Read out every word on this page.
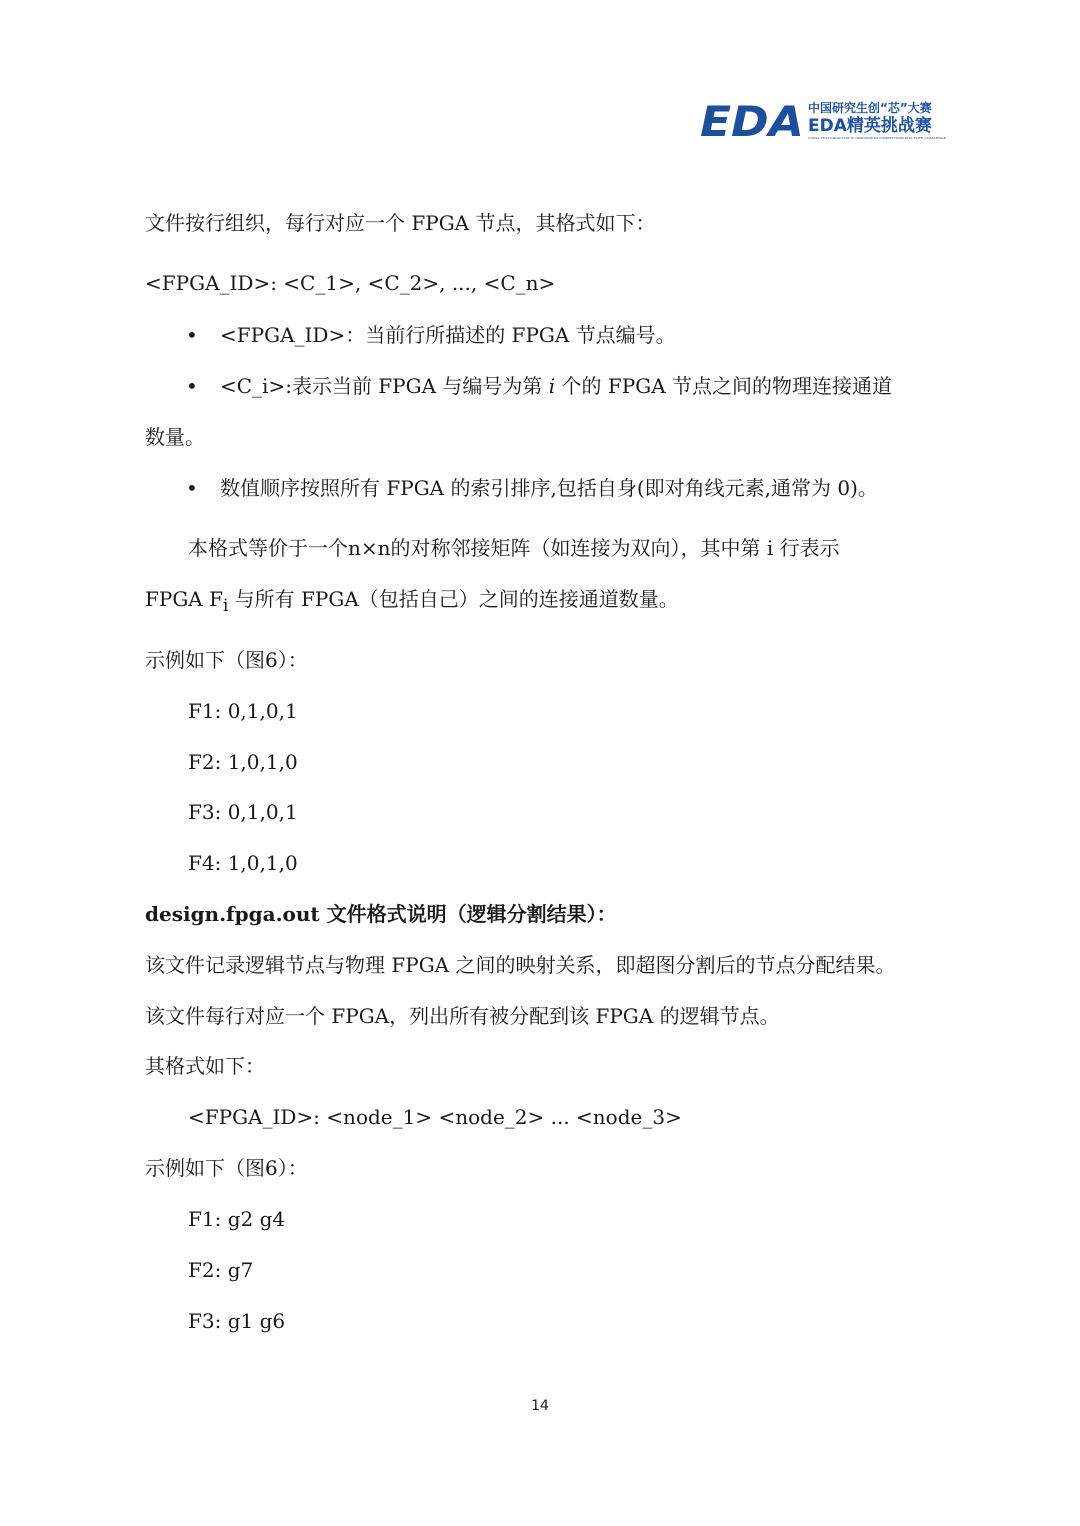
EDA 中国研究生创“芯”大赛
EDA精英挑战赛
CHINA POSTGRADUATE IC INNOVATION COMPETITION EDA ELITE CHALLENGE
文件按行组织，每行对应一个 FPGA 节点，其格式如下：
<FPGA_ID>: <C_1>, <C_2>, ..., <C_n>
• <FPGA_ID>：当前行所描述的 FPGA 节点编号。
• <C_i>:表示当前 FPGA 与编号为第 i 个的 FPGA 节点之间的物理连接通道
数量。
• 数值顺序按照所有 FPGA 的索引排序,包括自身(即对角线元素,通常为 0)。
本格式等价于一个n×n的对称邻接矩阵（如连接为双向），其中第 i 行表示
FPGA $F_i$ 与所有 FPGA（包括自己）之间的连接通道数量。
示例如下（图6）：
F1: 0,1,0,1
F2: 1,0,1,0
F3: 0,1,0,1
F4: 1,0,1,0
design.fpga.out 文件格式说明（逻辑分割结果）：
该文件记录逻辑节点与物理 FPGA 之间的映射关系，即超图分割后的节点分配结果。
该文件每行对应一个 FPGA，列出所有被分配到该 FPGA 的逻辑节点。
其格式如下：
<FPGA_ID>: <node_1> <node_2> ... <node_3>
示例如下（图6）：
F1: g2 g4
F2: g7
F3: g1 g6
14
